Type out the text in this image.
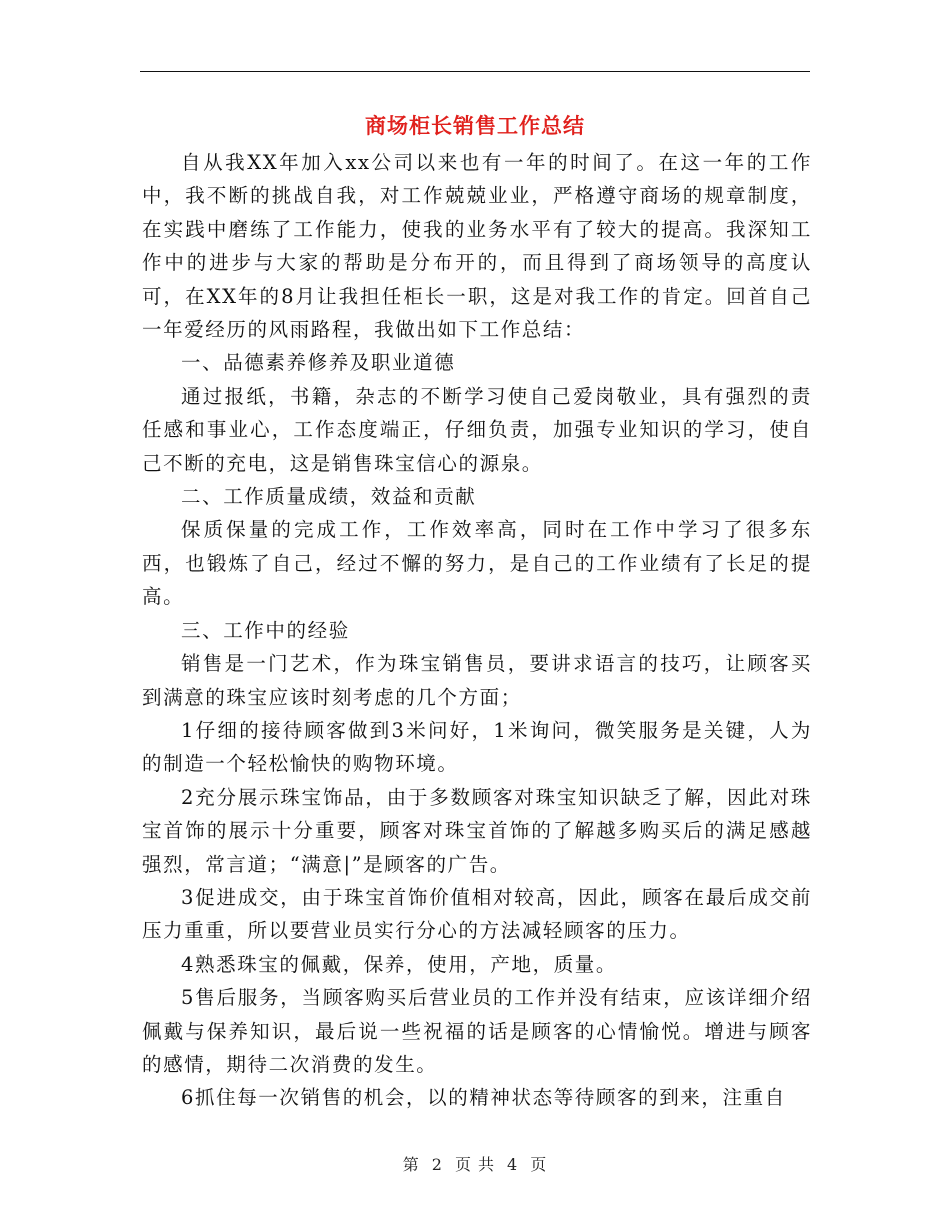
商场柜长销售工作总结

自从我XX年加入xx公司以来也有一年的时间了。在这一年的工作中，我不断的挑战自我，对工作兢兢业业，严格遵守商场的规章制度，在实践中磨练了工作能力，使我的业务水平有了较大的提高。我深知工作中的进步与大家的帮助是分布开的，而且得到了商场领导的高度认可，在XX年的8月让我担任柜长一职，这是对我工作的肯定。回首自己一年爱经历的风雨路程，我做出如下工作总结：

一、品德素养修养及职业道德

通过报纸，书籍，杂志的不断学习使自己爱岗敬业，具有强烈的责任感和事业心，工作态度端正，仔细负责，加强专业知识的学习，使自己不断的充电，这是销售珠宝信心的源泉。

二、工作质量成绩，效益和贡献

保质保量的完成工作，工作效率高，同时在工作中学习了很多东西，也锻炼了自己，经过不懈的努力，是自己的工作业绩有了长足的提高。

三、工作中的经验

销售是一门艺术，作为珠宝销售员，要讲求语言的技巧，让顾客买到满意的珠宝应该时刻考虑的几个方面；

1仔细的接待顾客做到3米问好，1米询问，微笑服务是关键，人为的制造一个轻松愉快的购物环境。

2充分展示珠宝饰品，由于多数顾客对珠宝知识缺乏了解，因此对珠宝首饰的展示十分重要，顾客对珠宝首饰的了解越多购买后的满足感越强烈，常言道；“满意|”是顾客的广告。

3促进成交，由于珠宝首饰价值相对较高，因此，顾客在最后成交前压力重重，所以要营业员实行分心的方法减轻顾客的压力。

4熟悉珠宝的佩戴，保养，使用，产地，质量。

5售后服务，当顾客购买后营业员的工作并没有结束，应该详细介绍佩戴与保养知识，最后说一些祝福的话是顾客的心情愉悦。增进与顾客的感情，期待二次消费的发生。

6抓住每一次销售的机会，以的精神状态等待顾客的到来，注重自

第 2 页 共 4 页
